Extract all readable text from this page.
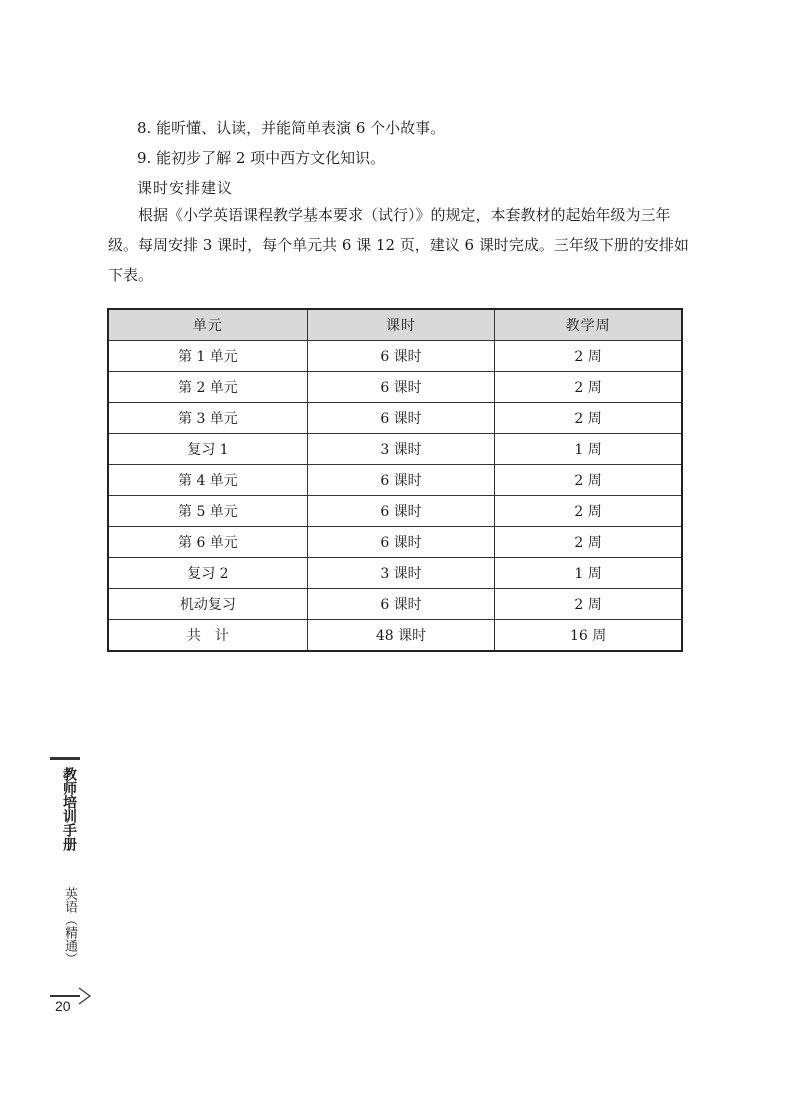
8. 能听懂、认读，并能简单表演 6 个小故事。

9. 能初步了解 2 项中西方文化知识。

课时安排建议

根据《小学英语课程教学基本要求（试行）》的规定，本套教材的起始年级为三年级。每周安排 3 课时，每个单元共 6 课 12 页，建议 6 课时完成。三年级下册的安排如下表。

单元	课时	教学周
第 1 单元	6 课时	2 周
第 2 单元	6 课时	2 周
第 3 单元	6 课时	2 周
复习 1	3 课时	1 周
第 4 单元	6 课时	2 周
第 5 单元	6 课时	2 周
第 6 单元	6 课时	2 周
复习 2	3 课时	1 周
机动复习	6 课时	2 周
共　计	48 课时	16 周
教师培训手册
英语（精通）
20
